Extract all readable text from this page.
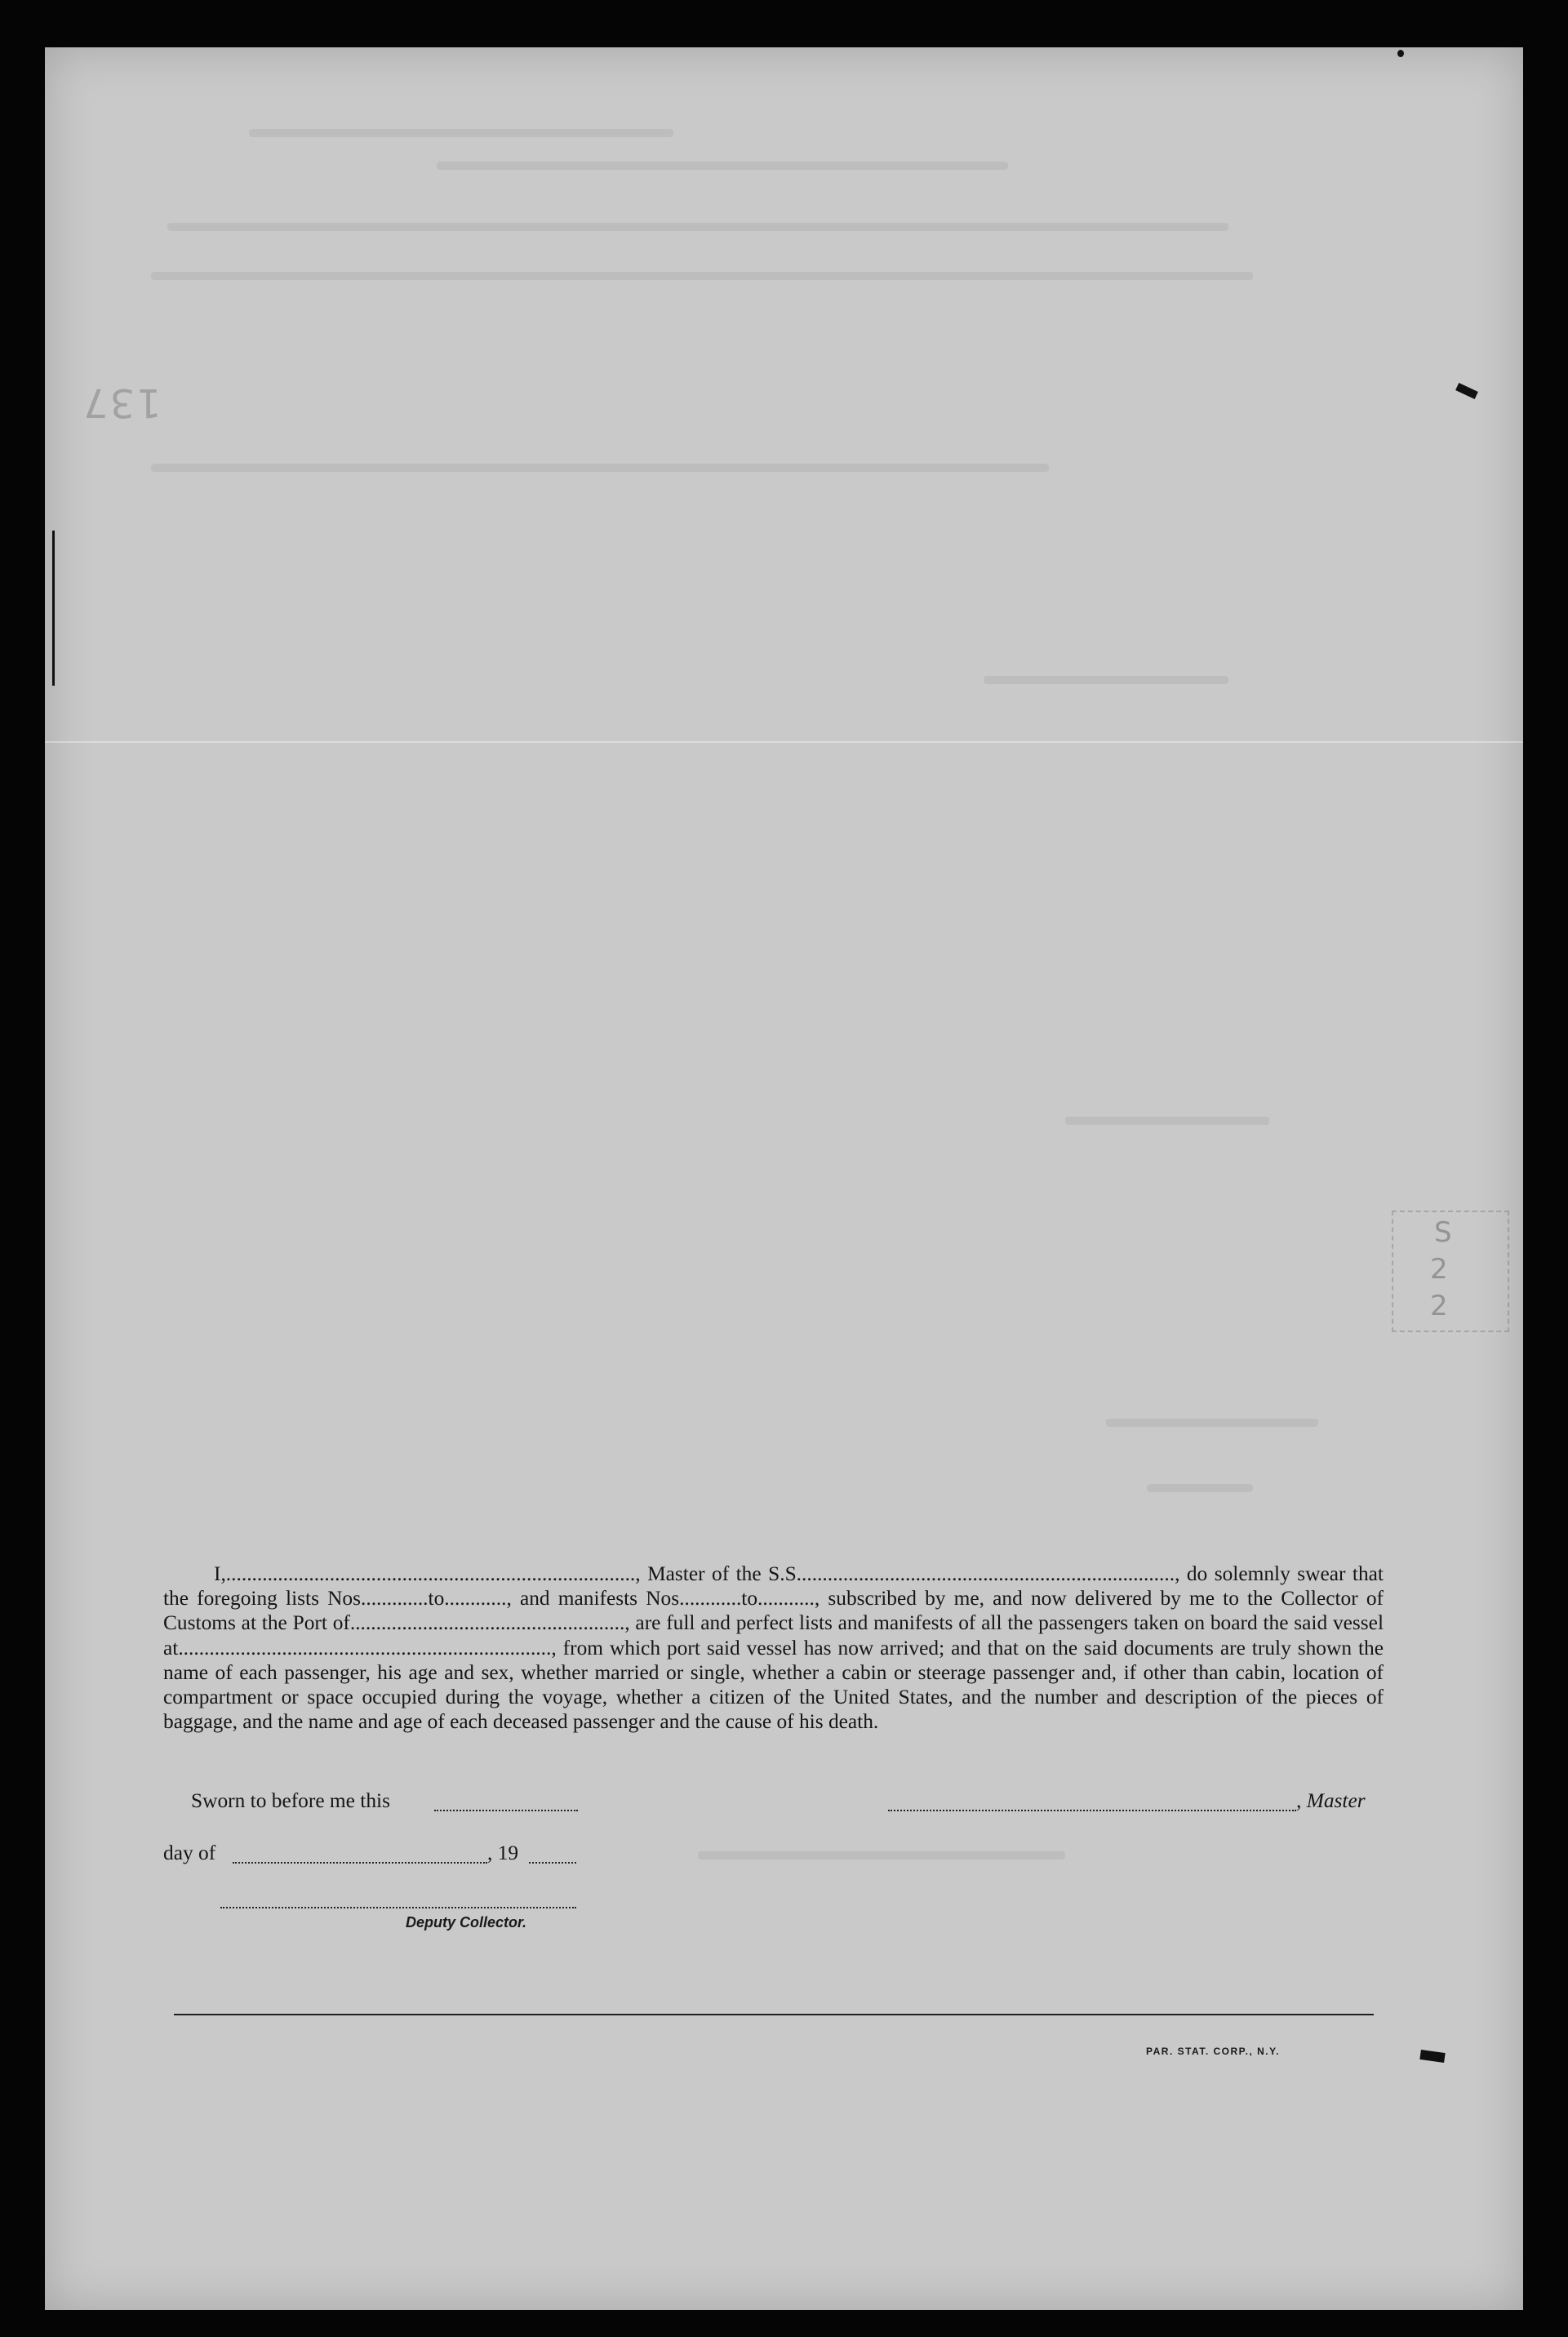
S
2
2
137

I,..............................................................................., Master of the S.S........................................................................., do solemnly swear that the foregoing lists Nos.............to............, and manifests Nos............to..........., subscribed by me, and now delivered by me to the Collector of Customs at the Port of....................................................., are full and perfect lists and manifests of all the passengers taken on board the said vessel at........................................................................, from which port said vessel has now arrived; and that on the said documents are truly shown the name of each passenger, his age and sex, whether married or single, whether a cabin or steerage passenger and, if other than cabin, location of compartment or space occupied during the voyage, whether a citizen of the United States, and the number and description of the pieces of baggage, and the name and age of each deceased passenger and the cause of his death.

Sworn to before me this	, Master
day of	, 19
Deputy Collector.
PAR. STAT. CORP., N.Y.
